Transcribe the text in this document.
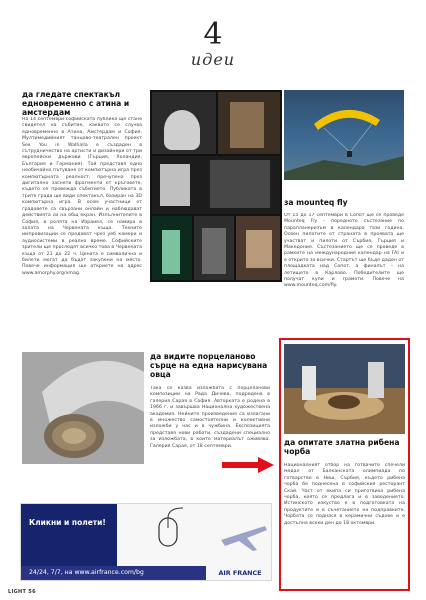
4
идеи
да гледате спектакъл едновременно с атина и амстердам
На 14 септември софийската публика ще стане свидетел на събитие, каквото се случва едновременно в Атина, Амстердам и София. Мултимедийният танцово-театрален проект Sex You in Walhalla е създаден в сътрудничество на артисти и дизайнери от три европейски държави (Гърция, Холандия, България и Германия). Той представя едно необичайно пътуване от компютърна игра през компютърната реалност, пречупена през дигитално заснети фрагменти от кръговете, където се провежда събитието. Публиката в трите града ще види спектакъл, базиран на 3D компютърна игра. В осем участници от градовете са свързани онлайн и наблюдават действията си на общ екран. Изпълнителите в София, в ролята на Израиел, се намира в залата на Червената къща. Техните импровизации се предават чрез уеб камери и аудиосистеми в реално време. Софийските зрители ще проследят всичко това в Червената къща от 21 до 22 ч. Цената е символична и билети могат да бъдат закупени на място. Повече информация ще откриете на адрес www.amorphy.org/xmag.
за mountеq fly
От 15 до 17 септември в Сопот ще се проведе Mountеq Fly - поредното състезание по парапланеризъм в календара тази година. Освен пилотите от страната в проявата ще участват и пилоти от Сърбия, Гърция и Македония. Състезанието ще се проведе в рамките на международния календар на FAI и е открито за всички. Стартът ще бъде даден от площадката над Сопот, а финалът – на летището в Карлово. Победителите ще получат купи и грамоти. Повече на www.mountеq.com/fly.
да видите порцеланово сърце на една нарисувана овца
Така се казва изложбата с порцеланови композиции на Рада Дичева, подредена в галерия Сарая в София. Авторката е родена в 1966 г. и завършва Национална художествена академия. Нейните произведения са излагани в множество самостоятелни и колективни изложби у нас и в чужбина. Експозицията представя нови работи, създадени специално за изложбата, в които материалът оживява. Галерия Сарая, от 18 септември.	да опитате златна рибена чорба
Националният отбор на готвачите спечели медал от Балканската олимпиада по готварство в Ниш, Сърбия, където рибена чорба бе поднесена в софийския ресторант Скай. Част от екипа си приготвиха рибена чорба, която се предлага и в заведението. Истинското изкуство е в подготовката на продуктите и в съчетанието на подправките. Чорбата се поднася в керамични съдове и е достъпна всеки ден до 18 октомври.
Кликни и полети!
24/24, 7/7, на www.airfrance.com/bg	AIR FRANCE
LIGHT 56
